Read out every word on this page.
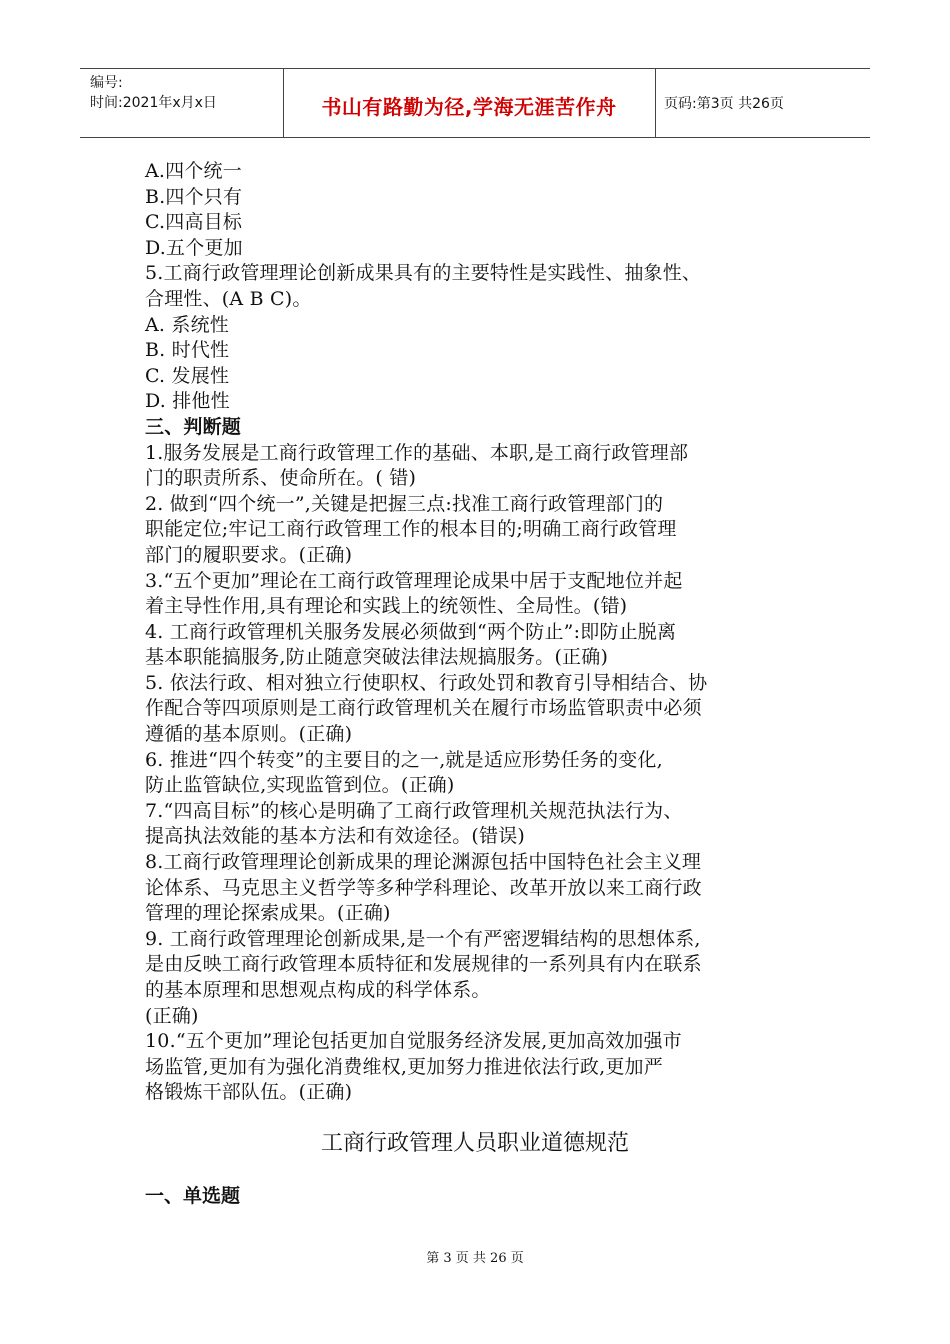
编号:
时间:2021年x月x日	书山有路勤为径,学海无涯苦作舟	页码:第3页 共26页
A.四个统一
B.四个只有
C.四高目标
D.五个更加
5.工商行政管理理论创新成果具有的主要特性是实践性、抽象性、
合理性、(A B C)。
A. 系统性
B. 时代性
C. 发展性
D. 排他性
三、判断题
1.服务发展是工商行政管理工作的基础、本职,是工商行政管理部
门的职责所系、使命所在。( 错)
2. 做到“四个统一”,关键是把握三点:找准工商行政管理部门的
职能定位;牢记工商行政管理工作的根本目的;明确工商行政管理
部门的履职要求。(正确)
3.“五个更加”理论在工商行政管理理论成果中居于支配地位并起
着主导性作用,具有理论和实践上的统领性、全局性。(错)
4. 工商行政管理机关服务发展必须做到“两个防止”:即防止脱离
基本职能搞服务,防止随意突破法律法规搞服务。(正确)
5. 依法行政、相对独立行使职权、行政处罚和教育引导相结合、协
作配合等四项原则是工商行政管理机关在履行市场监管职责中必须
遵循的基本原则。(正确)
6. 推进“四个转变”的主要目的之一,就是适应形势任务的变化,
防止监管缺位,实现监管到位。(正确)
7.“四高目标”的核心是明确了工商行政管理机关规范执法行为、
提高执法效能的基本方法和有效途径。(错误)
8.工商行政管理理论创新成果的理论渊源包括中国特色社会主义理
论体系、马克思主义哲学等多种学科理论、改革开放以来工商行政
管理的理论探索成果。(正确)
9. 工商行政管理理论创新成果,是一个有严密逻辑结构的思想体系,
是由反映工商行政管理本质特征和发展规律的一系列具有内在联系
的基本原理和思想观点构成的科学体系。
(正确)
10.“五个更加”理论包括更加自觉服务经济发展,更加高效加强市
场监管,更加有为强化消费维权,更加努力推进依法行政,更加严
格锻炼干部队伍。(正确)
工商行政管理人员职业道德规范
一、单选题
第 3 页 共 26 页
